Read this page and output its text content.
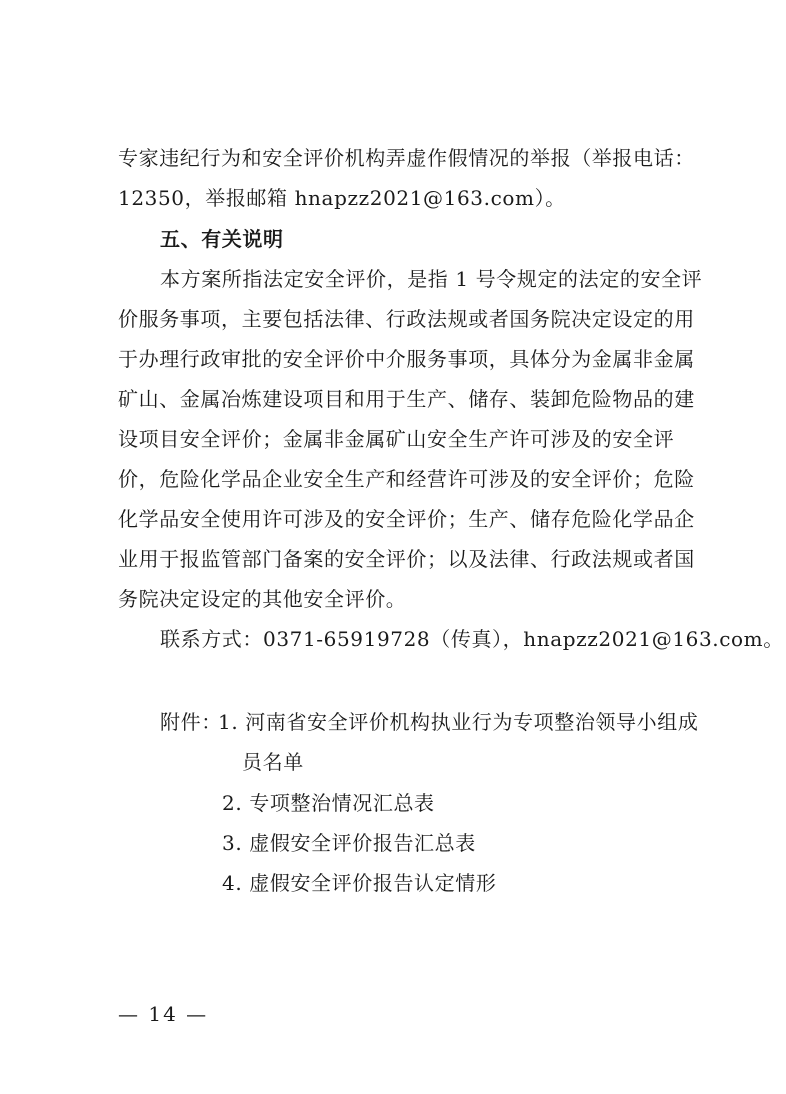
专家违纪行为和安全评价机构弄虚作假情况的举报（举报电话：
12350，举报邮箱 hnapzz2021@163.com）。
五、有关说明
本方案所指法定安全评价，是指 1 号令规定的法定的安全评
价服务事项，主要包括法律、行政法规或者国务院决定设定的用
于办理行政审批的安全评价中介服务事项，具体分为金属非金属
矿山、金属冶炼建设项目和用于生产、储存、装卸危险物品的建
设项目安全评价；金属非金属矿山安全生产许可涉及的安全评
价，危险化学品企业安全生产和经营许可涉及的安全评价；危险
化学品安全使用许可涉及的安全评价；生产、储存危险化学品企
业用于报监管部门备案的安全评价；以及法律、行政法规或者国
务院决定设定的其他安全评价。
联系方式：0371-65919728（传真），hnapzz2021@163.com。
附件：
1. 河南省安全评价机构执业行为专项整治领导小组成
员名单
2. 专项整治情况汇总表
3. 虚假安全评价报告汇总表
4. 虚假安全评价报告认定情形
— 14 —
